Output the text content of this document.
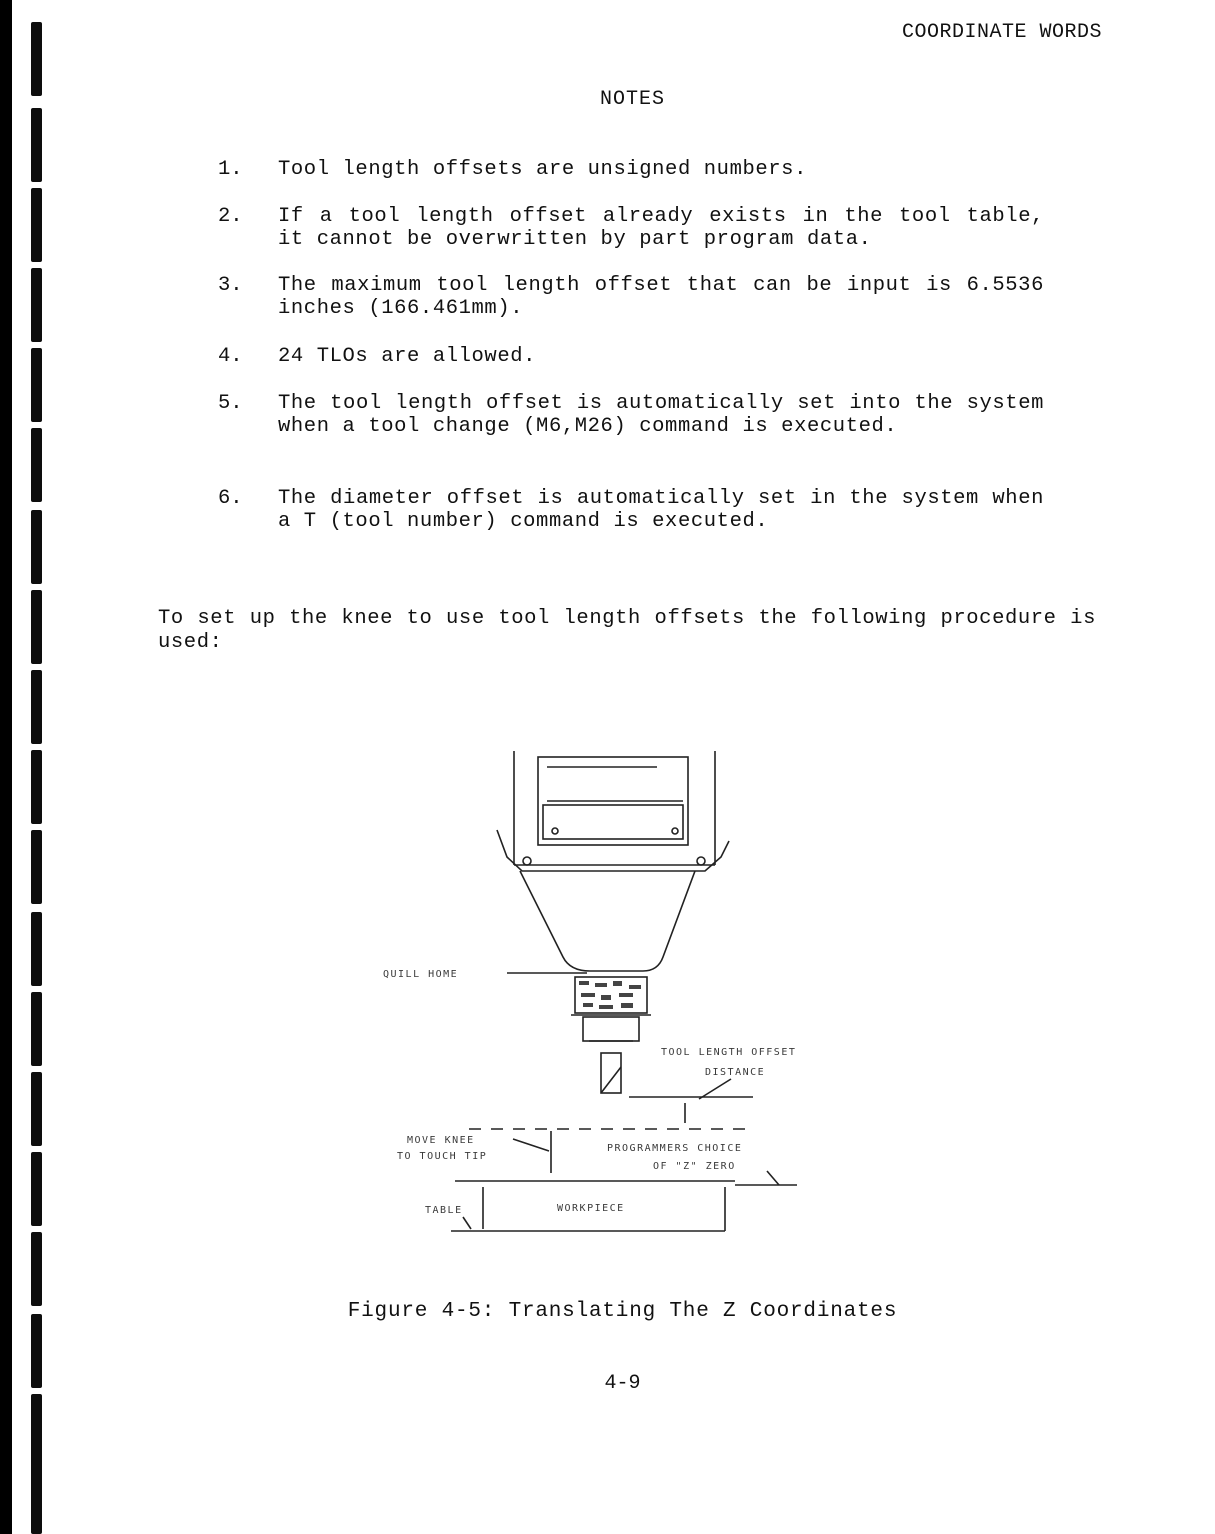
COORDINATE WORDS
NOTES
1.	Tool length offsets are unsigned numbers.
2.	If a tool length offset already exists in the tool table, it cannot be overwritten by part program data.
3.	The maximum tool length offset that can be input is 6.5536 inches (166.461mm).
4.	24 TLOs are allowed.
5.	The tool length offset is automatically set into the system when a tool change (M6,M26) command is executed.
6.	The diameter offset is automatically set in the system when a T (tool number) command is executed.
To set up the knee to use tool length offsets the following procedure is used:
QUILL HOME
TOOL LENGTH OFFSET
DISTANCE
MOVE KNEE
TO TOUCH TIP
PROGRAMMERS CHOICE
OF "Z" ZERO
TABLE	WORKPIECE
Figure 4-5: Translating The Z Coordinates
4-9
